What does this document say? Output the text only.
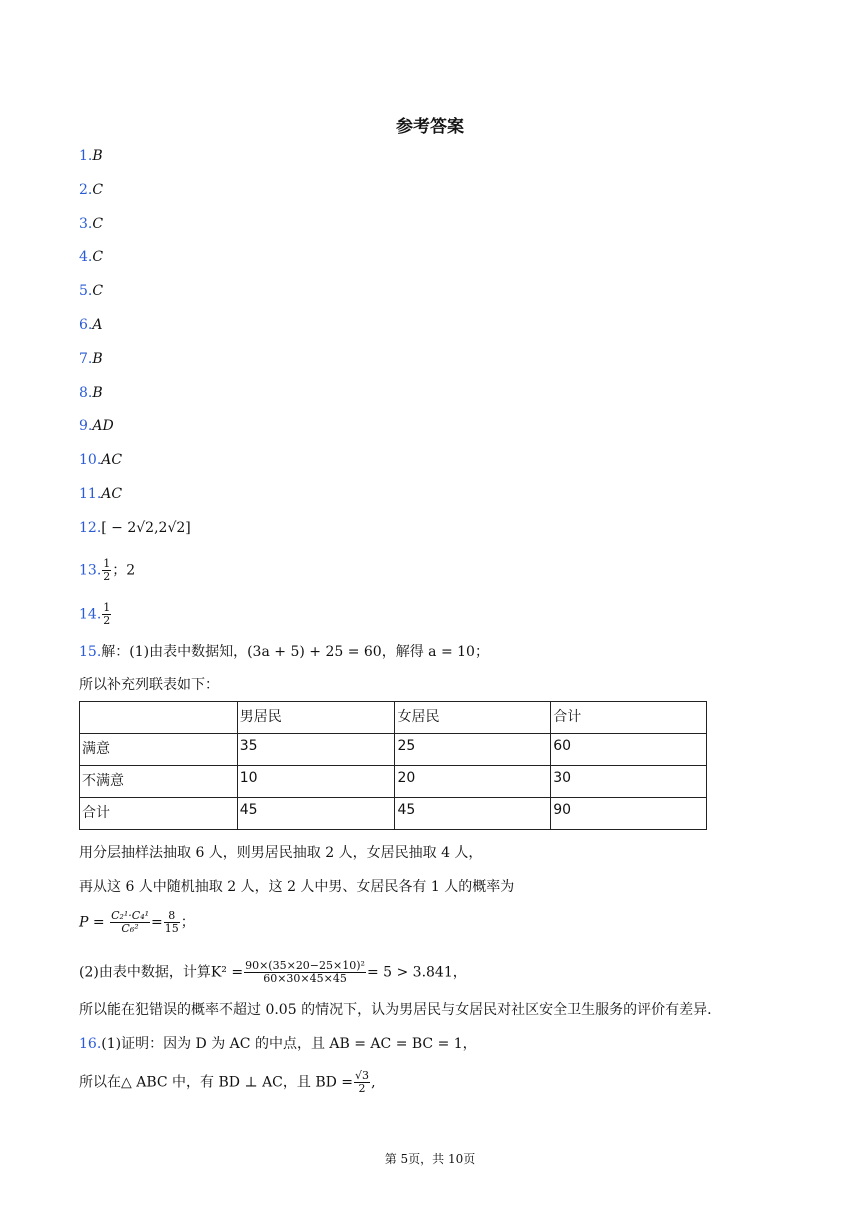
参考答案
1.B
2.C
3.C
4.C
5.C
6.A
7.B
8.B
9.AD
10.AC
11.AC
12.[ − 2√2,2√2]
13. $\frac{1}{2}$ ；2
14. $\frac{1}{2}$
15.解：(1)由表中数据知，(3a + 5) + 25 = 60，解得 a = 10；
所以补充列联表如下：
	男居民	女居民	合计
满意	35	25	60
不满意	10	20	30
合计	45	45	90
用分层抽样法抽取 6 人，则男居民抽取 2 人，女居民抽取 4 人，
再从这 6 人中随机抽取 2 人，这 2 人中男、女居民各有 1 人的概率为
$P = \frac{\text{C₂¹·C₄¹}}{\text{C₆²}} = \frac{8}{15}$ ；
(2)由表中数据，计算$K^2 = \frac{\text{90×(35×20−25×10)²}}{60\times 30\times 45\times 45} = 5 > 3.841$，
所以能在犯错误的概率不超过 0.05 的情况下，认为男居民与女居民对社区安全卫生服务的评价有差异.
16.(1)证明：因为 D 为 AC 的中点，且 AB = AC = BC = 1，
所以在△ ABC 中，有 BD ⊥ AC，且 BD = $\frac{√3}{2}$ ,
第 5页，共 10页
